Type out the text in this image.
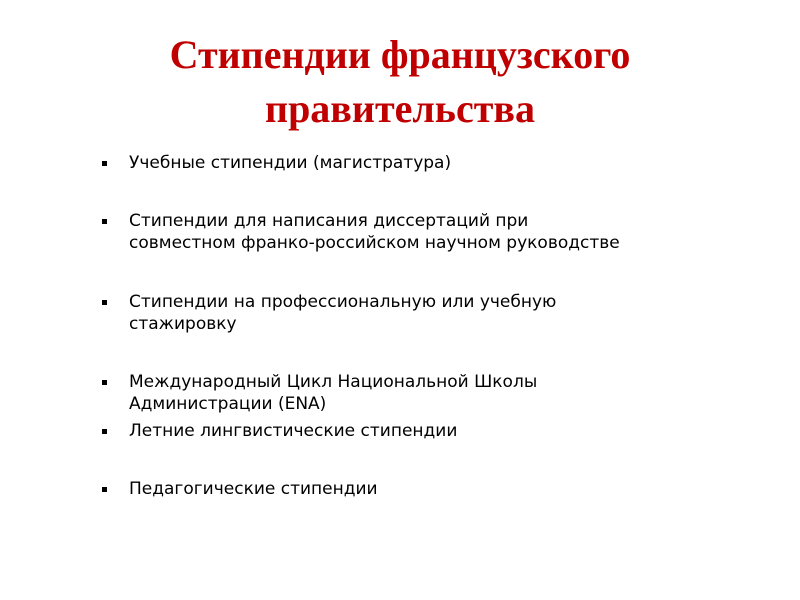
Стипендии французского
правительства
Учебные стипендии (магистратура)
Стипендии для написания диссертаций при
совместном франко-российском научном руководстве
Стипендии на профессиональную или учебную
стажировку
Международный Цикл Национальной Школы
Администрации (ENA)
Летние лингвистические стипендии
Педагогические стипендии
